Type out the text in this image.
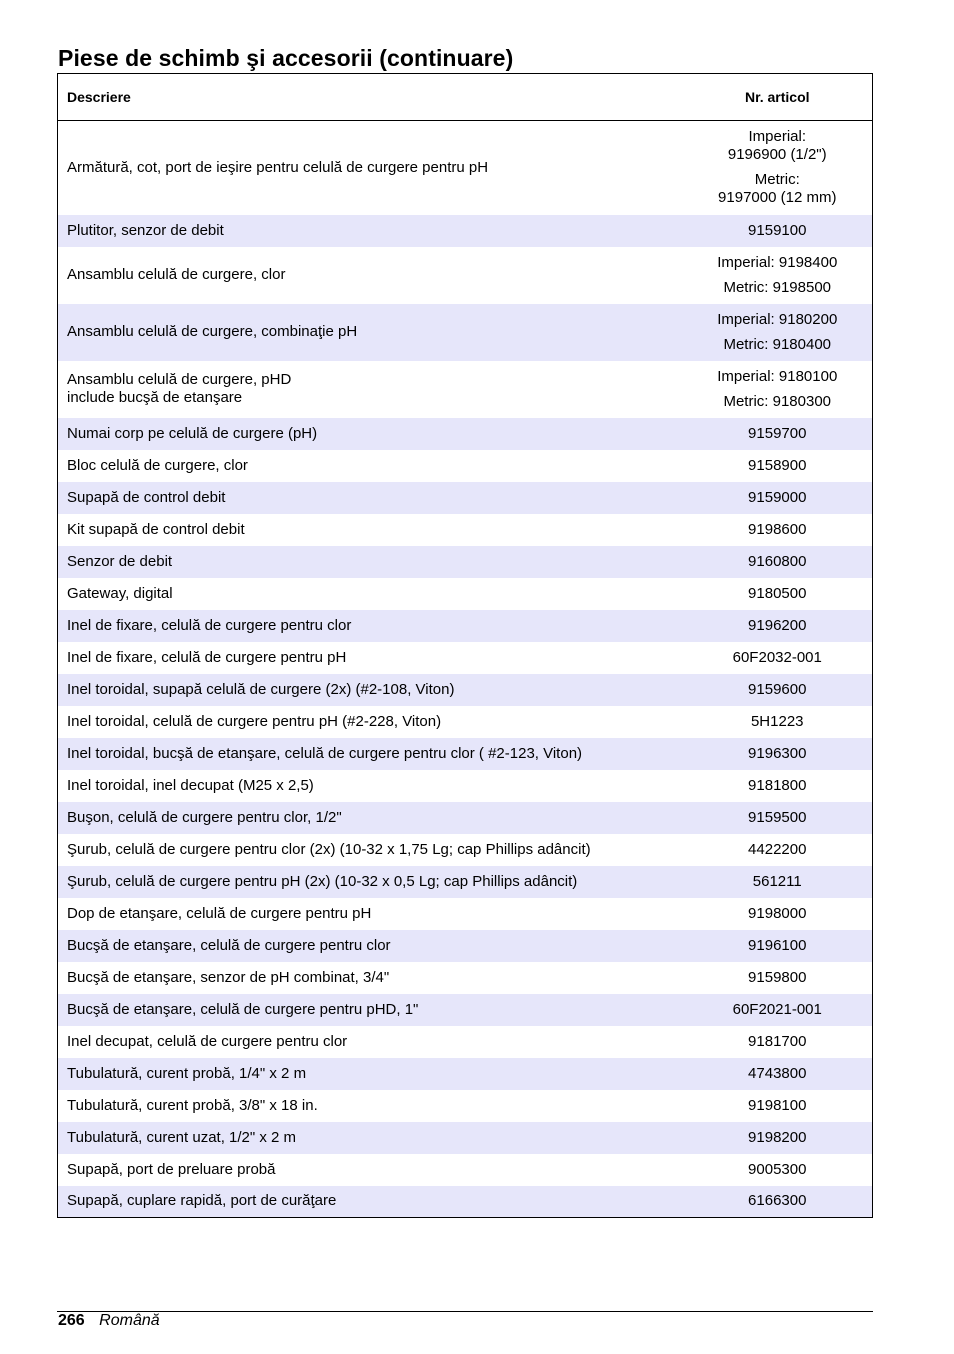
Piese de schimb şi accesorii (continuare)
Descriere	Nr. articol
Armătură, cot, port de ieşire pentru celulă de curgere pentru pH	Imperial:
9196900 (1/2")
Metric:
9197000 (12 mm)

Plutitor, senzor de debit	9159100
Ansamblu celulă de curgere, clor	Imperial: 9198400
Metric: 9198500

Ansamblu celulă de curgere, combinaţie pH	Imperial: 9180200
Metric: 9180400

Ansamblu celulă de curgere, pHD
include bucşă de etanşare	Imperial: 9180100
Metric: 9180300

Numai corp pe celulă de curgere (pH)	9159700
Bloc celulă de curgere, clor	9158900
Supapă de control debit	9159000
Kit supapă de control debit	9198600
Senzor de debit	9160800
Gateway, digital	9180500
Inel de fixare, celulă de curgere pentru clor	9196200
Inel de fixare, celulă de curgere pentru pH	60F2032-001
Inel toroidal, supapă celulă de curgere (2x) (#2-108, Viton)	9159600
Inel toroidal, celulă de curgere pentru pH (#2-228, Viton)	5H1223
Inel toroidal, bucşă de etanşare, celulă de curgere pentru clor ( #2-123, Viton)	9196300
Inel toroidal, inel decupat (M25 x 2,5)	9181800
Buşon, celulă de curgere pentru clor, 1/2"	9159500
Şurub, celulă de curgere pentru clor (2x) (10-32 x 1,75 Lg; cap Phillips adâncit)	4422200
Şurub, celulă de curgere pentru pH (2x) (10-32 x 0,5 Lg; cap Phillips adâncit)	561211
Dop de etanşare, celulă de curgere pentru pH	9198000
Bucşă de etanşare, celulă de curgere pentru clor	9196100
Bucşă de etanşare, senzor de pH combinat, 3/4"	9159800
Bucşă de etanşare, celulă de curgere pentru pHD, 1"	60F2021-001
Inel decupat, celulă de curgere pentru clor	9181700
Tubulatură, curent probă, 1/4" x 2 m	4743800
Tubulatură, curent probă, 3/8" x 18 in.	9198100
Tubulatură, curent uzat, 1/2" x 2 m	9198200
Supapă, port de preluare probă	9005300
Supapă, cuplare rapidă, port de curăţare	6166300
266 Română
